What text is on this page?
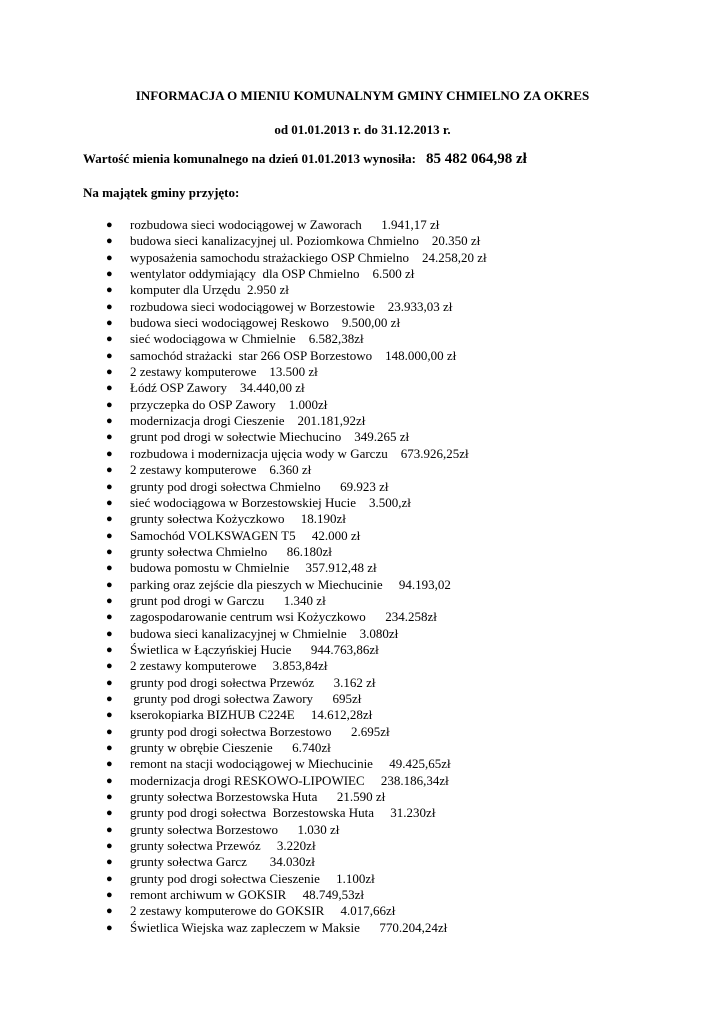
INFORMACJA O MIENIU KOMUNALNYM GMINY CHMIELNO ZA OKRES
od 01.01.2013 r. do 31.12.2013 r.
Wartość mienia komunalnego na dzień 01.01.2013 wynosiła: 85 482 064,98 zł
Na majątek gminy przyjęto:
● rozbudowa sieci wodociągowej w Zaworach      1.941,17 zł
● budowa sieci kanalizacyjnej ul. Poziomkowa Chmielno    20.350 zł
● wyposażenia samochodu strażackiego OSP Chmielno    24.258,20 zł
● wentylator oddymiający  dla OSP Chmielno    6.500 zł
● komputer dla Urzędu  2.950 zł
● rozbudowa sieci wodociągowej w Borzestowie    23.933,03 zł
● budowa sieci wodociągowej Reskowo    9.500,00 zł
● sieć wodociągowa w Chmielnie    6.582,38zł
● samochód strażacki  star 266 OSP Borzestowo    148.000,00 zł
● 2 zestawy komputerowe    13.500 zł
● Łódź OSP Zawory    34.440,00 zł
● przyczepka do OSP Zawory    1.000zł
● modernizacja drogi Cieszenie    201.181,92zł
● grunt pod drogi w sołectwie Miechucino    349.265 zł
● rozbudowa i modernizacja ujęcia wody w Garczu    673.926,25zł
● 2 zestawy komputerowe    6.360 zł
● grunty pod drogi sołectwa Chmielno      69.923 zł
● sieć wodociągowa w Borzestowskiej Hucie    3.500,zł
● grunty sołectwa Kożyczkowo     18.190zł
● Samochód VOLKSWAGEN T5     42.000 zł
● grunty sołectwa Chmielno      86.180zł
● budowa pomostu w Chmielnie     357.912,48 zł
● parking oraz zejście dla pieszych w Miechucinie     94.193,02
● grunt pod drogi w Garczu      1.340 zł
● zagospodarowanie centrum wsi Kożyczkowo      234.258zł
● budowa sieci kanalizacyjnej w Chmielnie    3.080zł
● Świetlica w Łączyńskiej Hucie      944.763,86zł
● 2 zestawy komputerowe     3.853,84zł
● grunty pod drogi sołectwa Przewóz      3.162 zł
● grunty pod drogi sołectwa Zawory      695zł
● kserokopiarka BIZHUB C224E     14.612,28zł
● grunty pod drogi sołectwa Borzestowo      2.695zł
● grunty w obrębie Cieszenie      6.740zł
● remont na stacji wodociągowej w Miechucinie     49.425,65zł
● modernizacja drogi RESKOWO-LIPOWIEC     238.186,34zł
● grunty sołectwa Borzestowska Huta      21.590 zł
● grunty pod drogi sołectwa  Borzestowska Huta     31.230zł
● grunty sołectwa Borzestowo      1.030 zł
● grunty sołectwa Przewóz     3.220zł
● grunty sołectwa Garcz       34.030zł
● grunty pod drogi sołectwa Cieszenie     1.100zł
● remont archiwum w GOKSIR     48.749,53zł
● 2 zestawy komputerowe do GOKSIR     4.017,66zł
● Świetlica Wiejska waz zapleczem w Maksie      770.204,24zł
